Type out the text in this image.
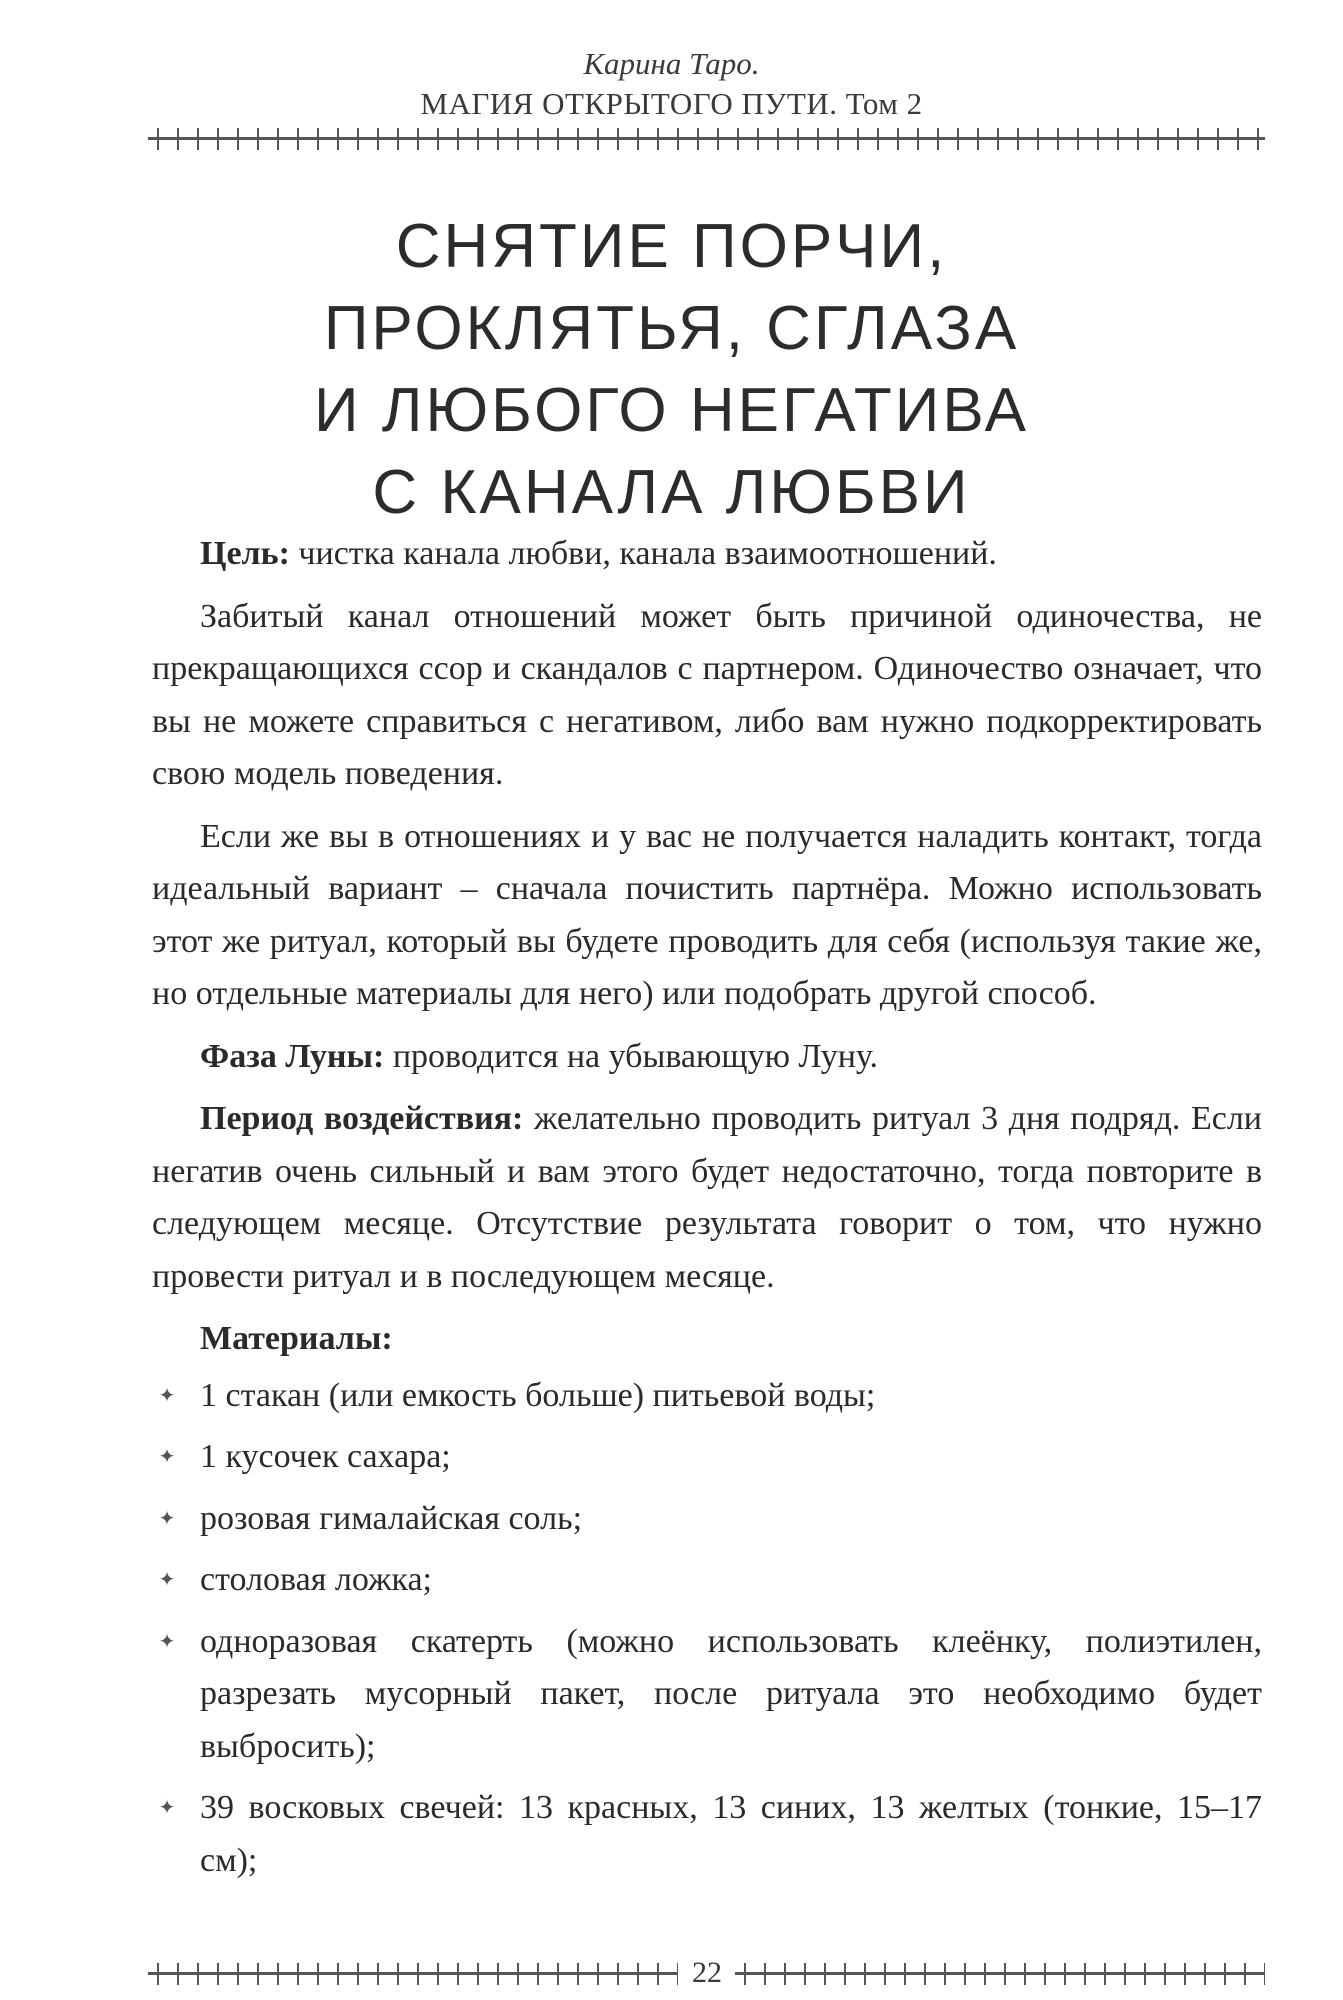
Карина Таро.
МАГИЯ ОТКРЫТОГО ПУТИ. Том 2
СНЯТИЕ ПОРЧИ,
ПРОКЛЯТЬЯ, СГЛАЗА
И ЛЮБОГО НЕГАТИВА
С КАНАЛА ЛЮБВИ

Цель: чистка канала любви, канала взаимоотношений.

Забитый канал отношений может быть причиной одиночества, не прекращающихся ссор и скандалов с партнером. Одиночество означает, что вы не можете справиться с негативом, либо вам нужно подкорректировать свою модель поведения.

Если же вы в отношениях и у вас не получается наладить контакт, тогда идеальный вариант – сначала почистить партнёра. Можно использовать этот же ритуал, который вы будете проводить для себя (используя такие же, но отдельные материалы для него) или подобрать другой способ.

Фаза Луны: проводится на убывающую Луну.

Период воздействия: желательно проводить ритуал 3 дня подряд. Если негатив очень сильный и вам этого будет недостаточно, тогда повторите в следующем месяце. Отсутствие результата говорит о том, что нужно провести ритуал и в последующем месяце.

Материалы:
✦ 1 стакан (или емкость больше) питьевой воды;
✦ 1 кусочек сахара;
✦ розовая гималайская соль;
✦ столовая ложка;
✦ одноразовая скатерть (можно использовать клеёнку, полиэтилен, разрезать мусорный пакет, после ритуала это необходимо будет выбросить);
✦ 39 восковых свечей: 13 красных, 13 синих, 13 желтых (тонкие, 15–17 см);
22
